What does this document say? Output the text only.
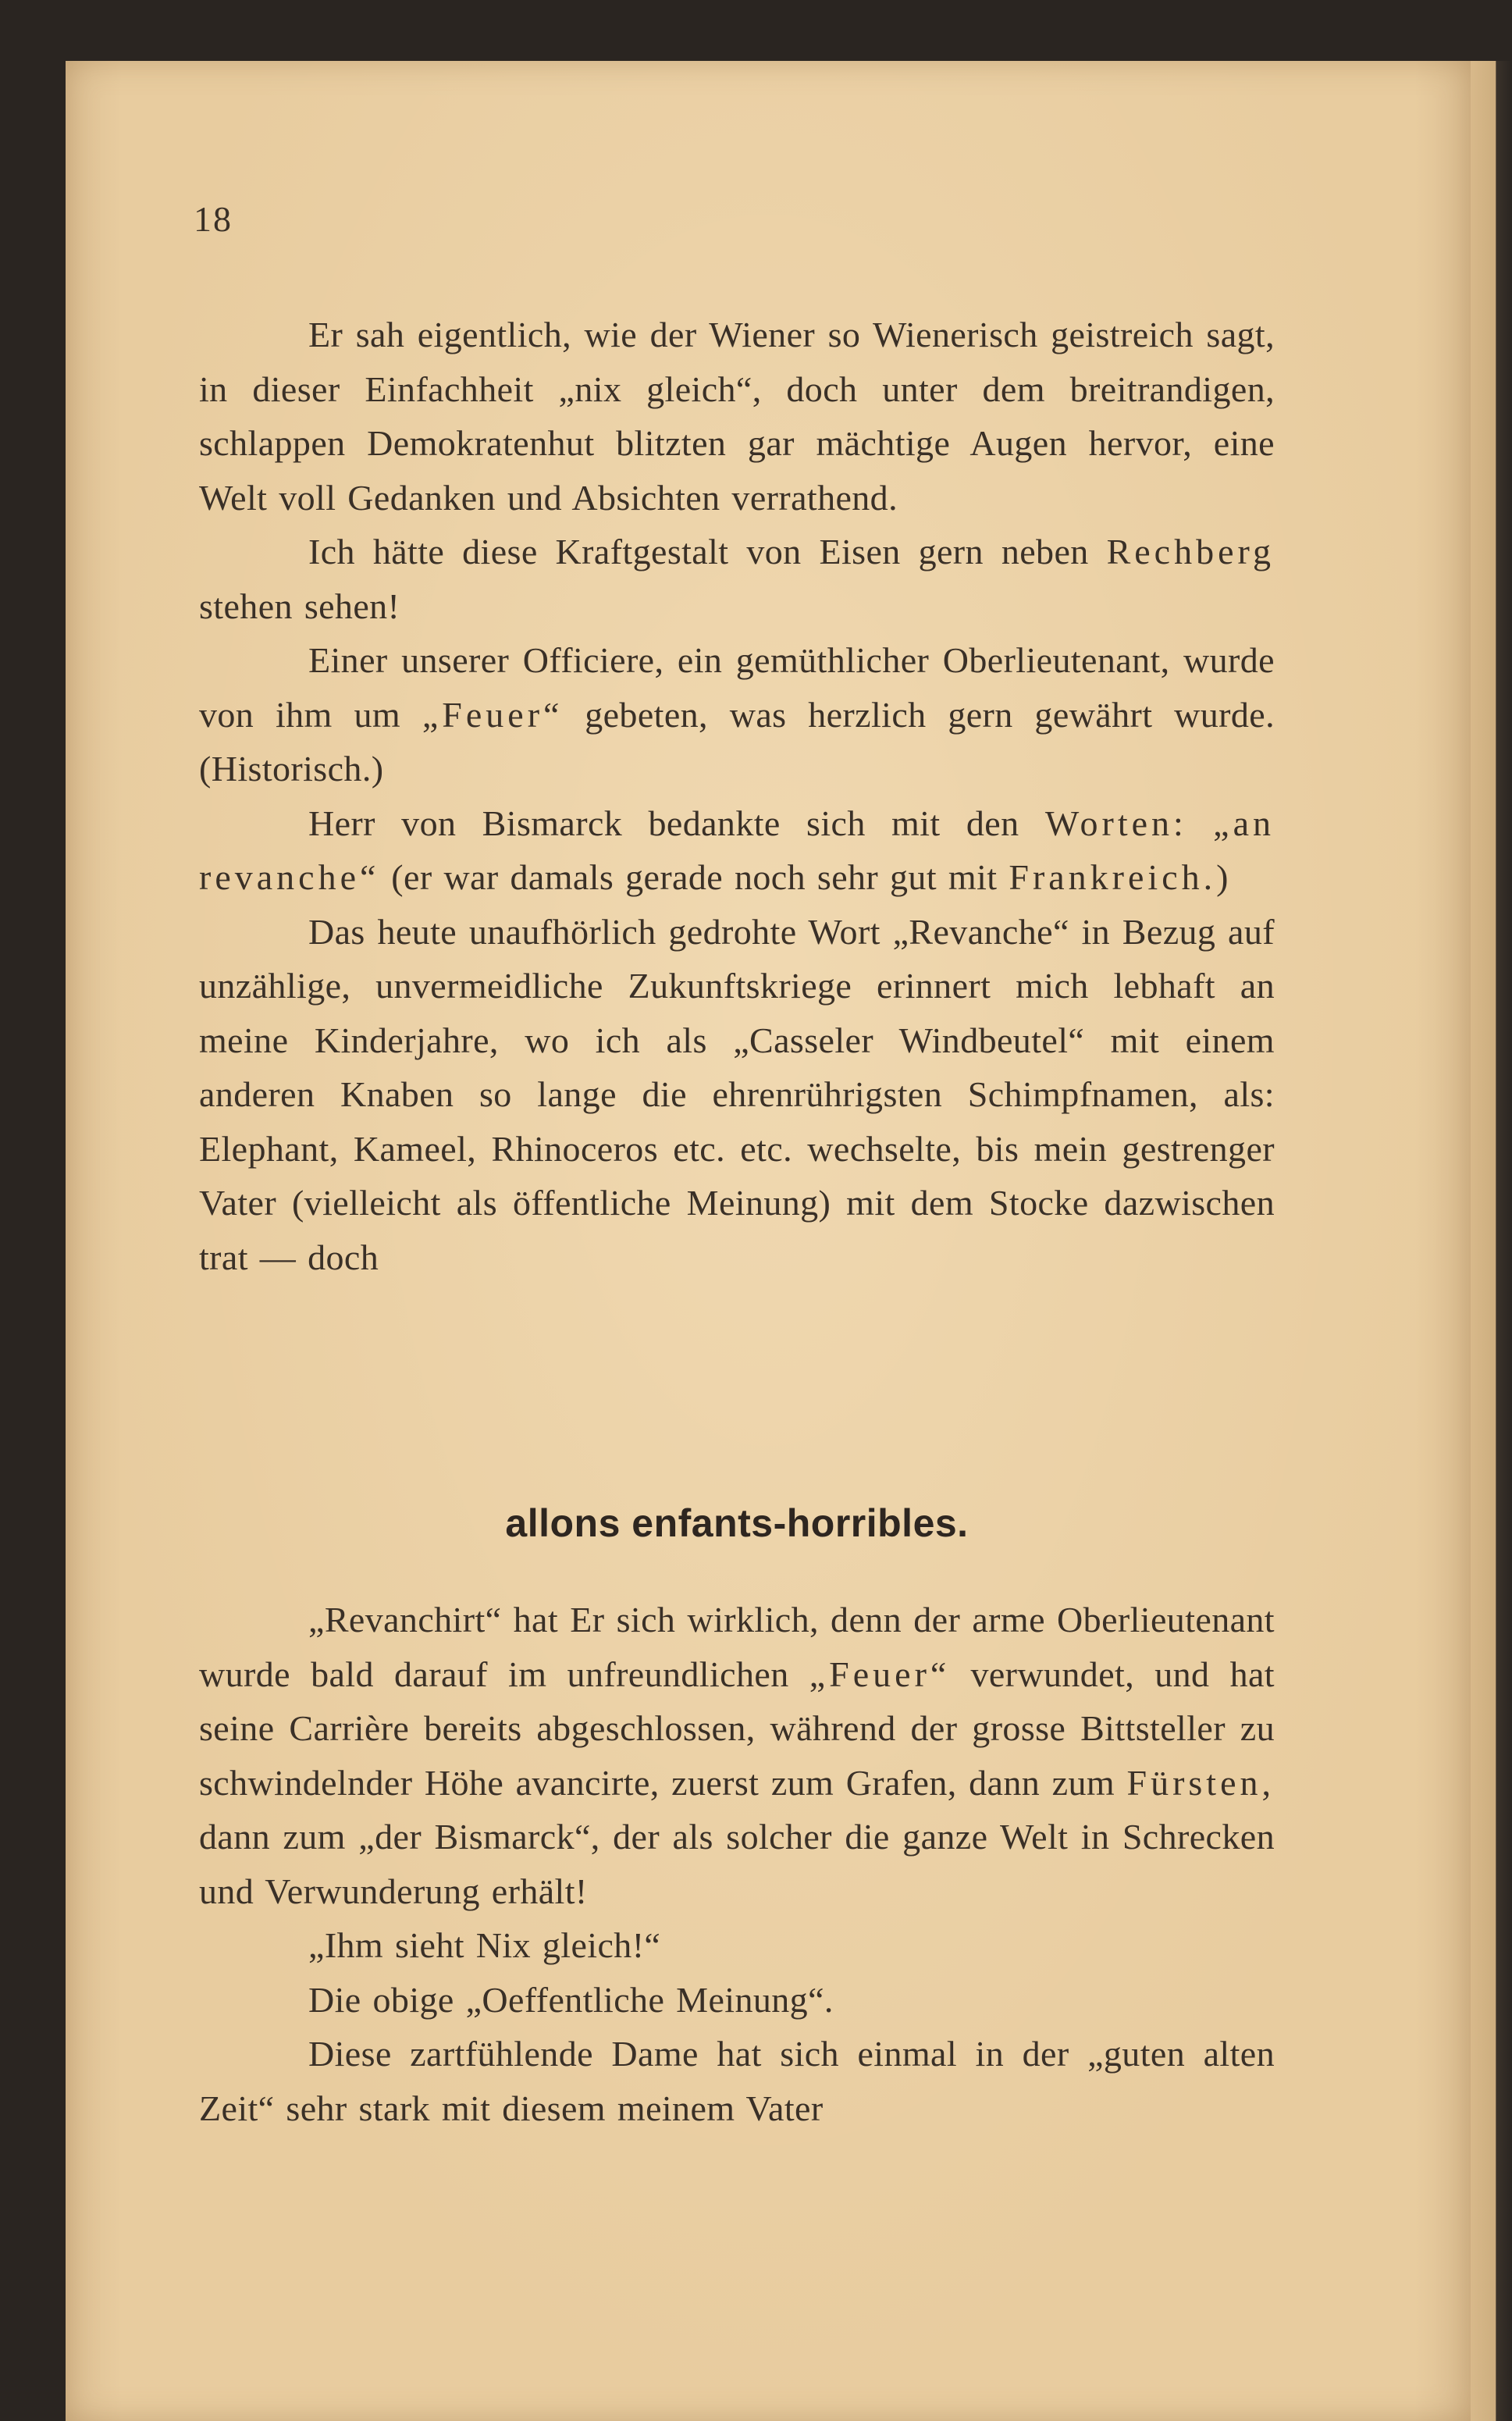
18

Er sah eigentlich, wie der Wiener so Wienerisch geistreich sagt, in dieser Einfachheit „nix gleich“, doch unter dem breitrandigen, schlappen Demokratenhut blitzten gar mächtige Augen hervor, eine Welt voll Gedanken und Absichten verrathend.

Ich hätte diese Kraftgestalt von Eisen gern neben Rechberg stehen sehen!

Einer unserer Officiere, ein gemüthlicher Oberlieutenant, wurde von ihm um „Feuer“ gebeten, was herzlich gern gewährt wurde. (Historisch.)

Herr von Bismarck bedankte sich mit den Worten: „an revanche“ (er war damals gerade noch sehr gut mit Frankreich.)

Das heute unaufhörlich gedrohte Wort „Revanche“ in Bezug auf unzählige, unvermeidliche Zukunftskriege erinnert mich lebhaft an meine Kinderjahre, wo ich als „Casseler Windbeutel“ mit einem anderen Knaben so lange die ehrenrührigsten Schimpfnamen, als: Elephant, Kameel, Rhinoceros etc. etc. wechselte, bis mein gestrenger Vater (vielleicht als öffentliche Meinung) mit dem Stocke dazwischen trat — doch

allons enfants-horribles.

„Revanchirt“ hat Er sich wirklich, denn der arme Oberlieutenant wurde bald darauf im unfreundlichen „Feuer“ verwundet, und hat seine Carrière bereits abgeschlossen, während der grosse Bittsteller zu schwindelnder Höhe avancirte, zuerst zum Grafen, dann zum Fürsten, dann zum „der Bismarck“, der als solcher die ganze Welt in Schrecken und Verwunderung erhält!

„Ihm sieht Nix gleich!“

Die obige „Oeffentliche Meinung“.

Diese zartfühlende Dame hat sich einmal in der „guten alten Zeit“ sehr stark mit diesem meinem Vater
